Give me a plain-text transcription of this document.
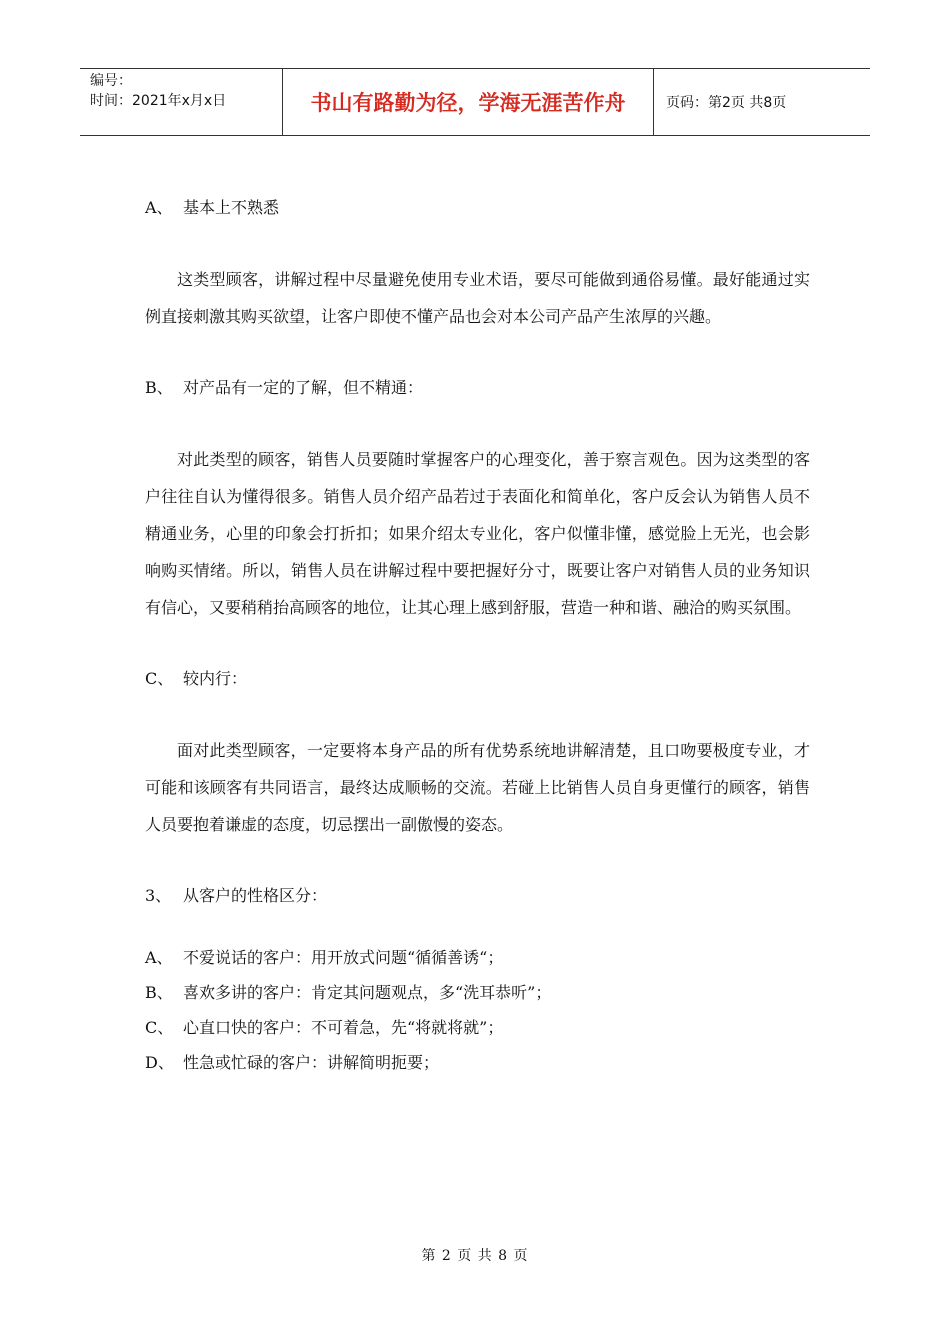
编号：
时间：2021年x月x日	书山有路勤为径，学海无涯苦作舟	页码：第2页 共8页
A、 基本上不熟悉
这类型顾客，讲解过程中尽量避免使用专业术语，要尽可能做到通俗易懂。最好能通过实例直接刺激其购买欲望，让客户即使不懂产品也会对本公司产品产生浓厚的兴趣。
B、 对产品有一定的了解，但不精通：
对此类型的顾客，销售人员要随时掌握客户的心理变化，善于察言观色。因为这类型的客户往往自认为懂得很多。销售人员介绍产品若过于表面化和简单化，客户反会认为销售人员不精通业务，心里的印象会打折扣；如果介绍太专业化，客户似懂非懂，感觉脸上无光，也会影响购买情绪。所以，销售人员在讲解过程中要把握好分寸，既要让客户对销售人员的业务知识有信心，又要稍稍抬高顾客的地位，让其心理上感到舒服，营造一种和谐、融洽的购买氛围。
C、 较内行：
面对此类型顾客，一定要将本身产品的所有优势系统地讲解清楚，且口吻要极度专业，才可能和该顾客有共同语言，最终达成顺畅的交流。若碰上比销售人员自身更懂行的顾客，销售人员要抱着谦虚的态度，切忌摆出一副傲慢的姿态。
3、 从客户的性格区分：
A、 不爱说话的客户：用开放式问题“循循善诱“；
B、 喜欢多讲的客户：肯定其问题观点，多“洗耳恭听”；
C、 心直口快的客户：不可着急，先“将就将就”；
D、 性急或忙碌的客户：讲解简明扼要；
第 2 页 共 8 页
